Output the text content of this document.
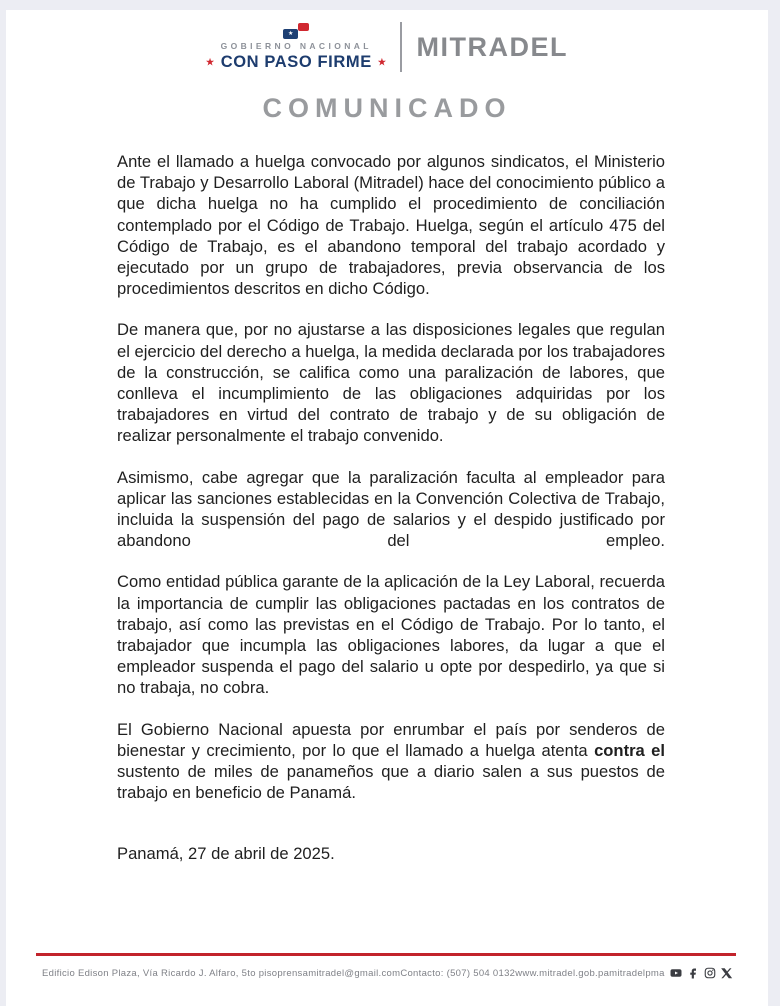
★
GOBIERNO NACIONAL
★ CON PASO FIRME ★ MITRADEL
COMUNICADO

Ante el llamado a huelga convocado por algunos sindicatos, el Ministerio de Trabajo y Desarrollo Laboral (Mitradel) hace del conocimiento público a que dicha huelga no ha cumplido el procedimiento de conciliación contemplado por el Código de Trabajo. Huelga, según el artículo 475 del Código de Trabajo, es el abandono temporal del trabajo acordado y ejecutado por un grupo de trabajadores, previa observancia de los procedimientos descritos en dicho Código.

De manera que, por no ajustarse a las disposiciones legales que regulan el ejercicio del derecho a huelga, la medida declarada por los trabajadores de la construcción, se califica como una paralización de labores, que conlleva el incumplimiento de las obligaciones adquiridas por los trabajadores en virtud del contrato de trabajo y de su obligación de realizar personalmente el trabajo convenido.

Asimismo, cabe agregar que la paralización faculta al empleador para aplicar las sanciones establecidas en la Convención Colectiva de Trabajo, incluida la suspensión del pago de salarios y el despido justificado por abandono del empleo.

Como entidad pública garante de la aplicación de la Ley Laboral, recuerda la importancia de cumplir las obligaciones pactadas en los contratos de trabajo, así como las previstas en el Código de Trabajo. Por lo tanto, el trabajador que incumpla las obligaciones labores, da lugar a que el empleador suspenda el pago del salario u opte por despedirlo, ya que si no trabaja, no cobra.

El Gobierno Nacional apuesta por enrumbar el país por senderos de bienestar y crecimiento, por lo que el llamado a huelga atenta contra el sustento de miles de panameños que a diario salen a sus puestos de trabajo en beneficio de Panamá.

Panamá, 27 de abril de 2025.
Edificio Edison Plaza, Vía Ricardo J. Alfaro, 5to piso prensamitradel@gmail.com Contacto: (507) 504 0132 www.mitradel.gob.pa mitradelpma
